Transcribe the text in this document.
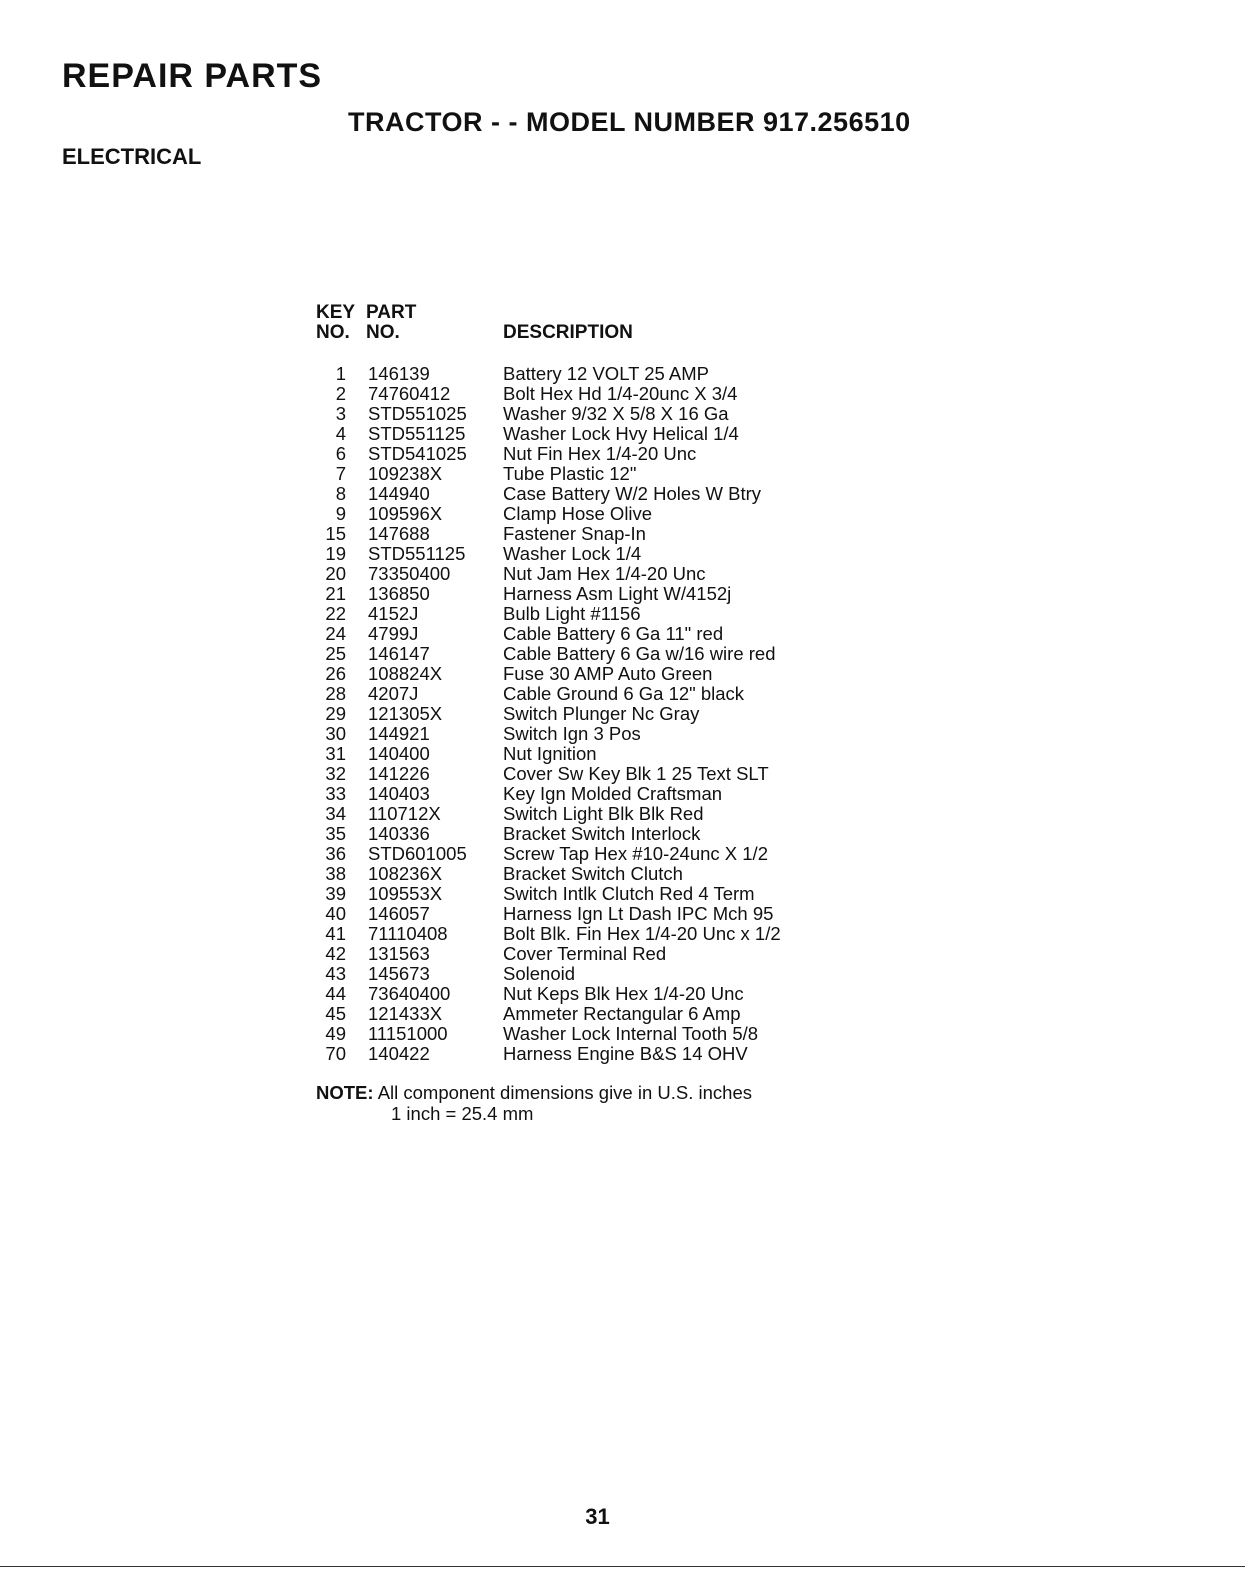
REPAIR PARTS
TRACTOR - - MODEL NUMBER 917.256510
ELECTRICAL
KEY
NO.
PART
NO.	DESCRIPTION
1 146139	Battery 12 VOLT 25 AMP
2 74760412	Bolt Hex Hd 1/4-20unc X 3/4
3 STD551025 Washer 9/32 X 5/8 X 16 Ga
4 STD551125 Washer Lock Hvy Helical 1/4
6 STD541025 Nut Fin Hex 1/4-20 Unc
7 109238X	Tube Plastic 12"
8 144940	Case Battery W/2 Holes W Btry
9 109596X	Clamp Hose Olive
15 147688	Fastener Snap-In
19 STD551125 Washer Lock 1/4
20 73350400	Nut Jam Hex 1/4-20 Unc
21 136850	Harness Asm Light W/4152j
22 4152J	Bulb Light #1156
24 4799J	Cable Battery 6 Ga 11" red
25 146147	Cable Battery 6 Ga w/16 wire red
26 108824X	Fuse 30 AMP Auto Green
28 4207J	Cable Ground 6 Ga 12" black
29 121305X	Switch Plunger Nc Gray
30 144921	Switch Ign 3 Pos
31 140400	Nut Ignition
32 141226	Cover Sw Key Blk 1 25 Text SLT
33 140403	Key Ign Molded Craftsman
34 110712X	Switch Light Blk Blk Red
35 140336	Bracket Switch Interlock
36 STD601005 Screw Tap Hex #10-24unc X 1/2
38 108236X	Bracket Switch Clutch
39 109553X	Switch Intlk Clutch Red 4 Term
40 146057	Harness Ign Lt Dash IPC Mch 95
41 71110408	Bolt Blk. Fin Hex 1/4-20 Unc x 1/2
42 131563	Cover Terminal Red
43 145673	Solenoid
44 73640400	Nut Keps Blk Hex 1/4-20 Unc
45 121433X	Ammeter Rectangular 6 Amp
49 11151000	Washer Lock Internal Tooth 5/8
70 140422	Harness Engine B&S 14 OHV
NOTE: All component dimensions give in U.S. inches
1 inch = 25.4 mm
31
